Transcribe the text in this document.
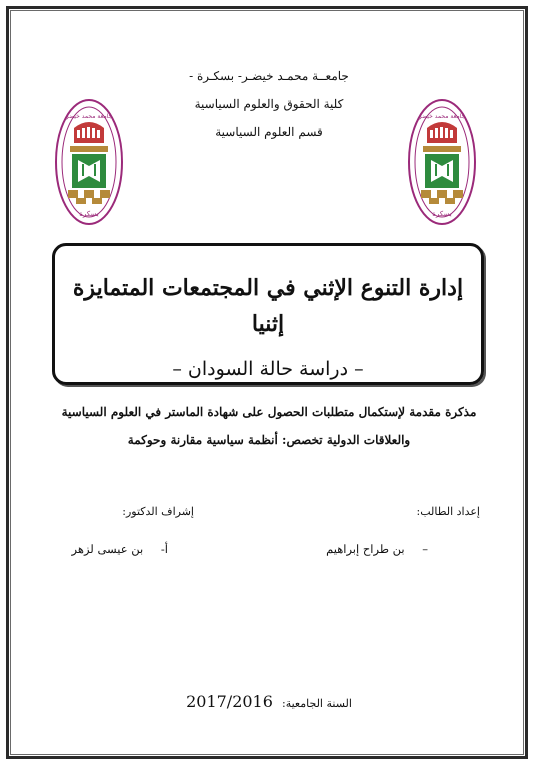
جامعــة محمـد خيضـر- بسكـرة -
كلية الحقوق والعلوم السياسية
قسم العلوم السياسية
جامعة محمد خيضر
بسكرة
جامعة محمد خيضر
بسكرة
إدارة التنوع الإثني في المجتمعات المتمايزة إثنيا
– دراسة حالة السودان –
مذكرة مقدمة لإستكمال متطلبات الحصول على شهادة الماستر في العلوم السياسية
والعلاقات الدولية تخصص: أنظمة سياسية مقارنة وحوكمة
إعداد الطالب:
إشراف الدكتور:
– بن طراح إبراهيم
أ- بن عيسى لزهر
السنة الجامعية: 2017/2016
